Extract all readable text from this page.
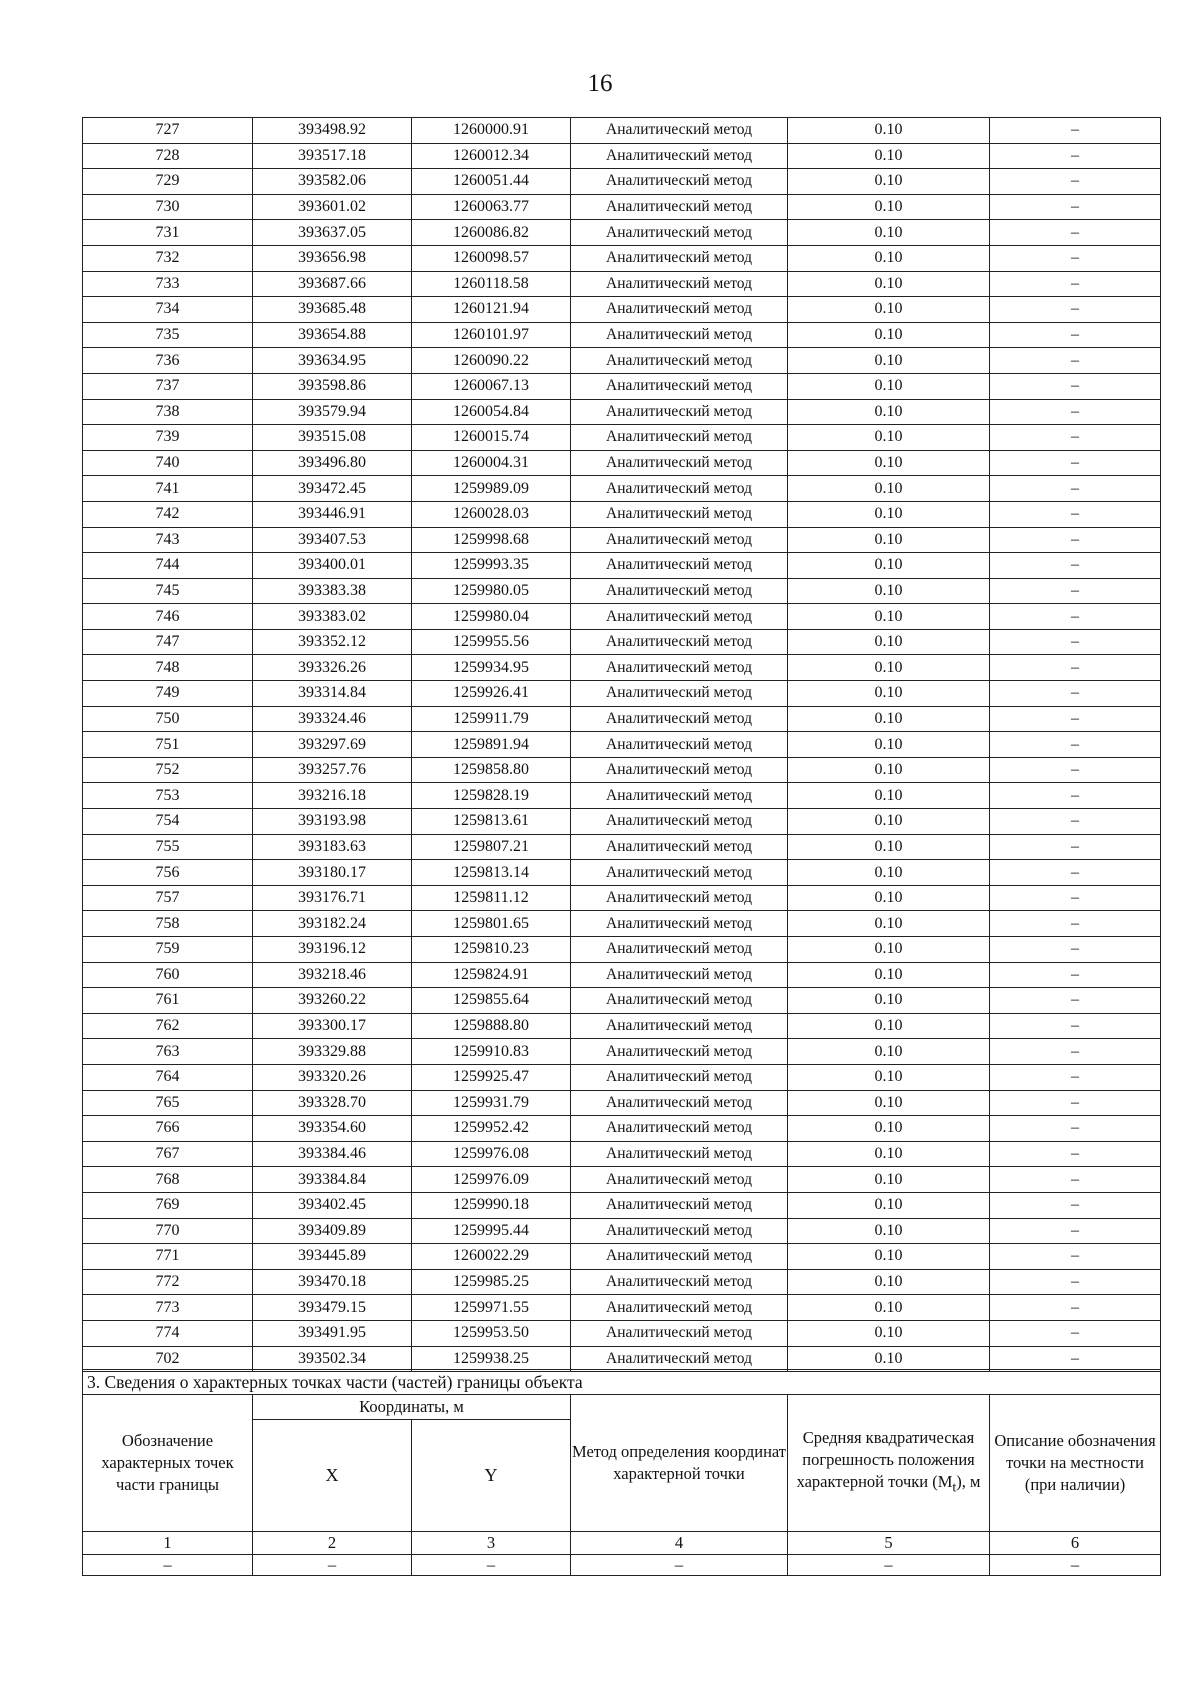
16
727	393498.92	1260000.91	Аналитический метод	0.10	–
728	393517.18	1260012.34	Аналитический метод	0.10	–
729	393582.06	1260051.44	Аналитический метод	0.10	–
730	393601.02	1260063.77	Аналитический метод	0.10	–
731	393637.05	1260086.82	Аналитический метод	0.10	–
732	393656.98	1260098.57	Аналитический метод	0.10	–
733	393687.66	1260118.58	Аналитический метод	0.10	–
734	393685.48	1260121.94	Аналитический метод	0.10	–
735	393654.88	1260101.97	Аналитический метод	0.10	–
736	393634.95	1260090.22	Аналитический метод	0.10	–
737	393598.86	1260067.13	Аналитический метод	0.10	–
738	393579.94	1260054.84	Аналитический метод	0.10	–
739	393515.08	1260015.74	Аналитический метод	0.10	–
740	393496.80	1260004.31	Аналитический метод	0.10	–
741	393472.45	1259989.09	Аналитический метод	0.10	–
742	393446.91	1260028.03	Аналитический метод	0.10	–
743	393407.53	1259998.68	Аналитический метод	0.10	–
744	393400.01	1259993.35	Аналитический метод	0.10	–
745	393383.38	1259980.05	Аналитический метод	0.10	–
746	393383.02	1259980.04	Аналитический метод	0.10	–
747	393352.12	1259955.56	Аналитический метод	0.10	–
748	393326.26	1259934.95	Аналитический метод	0.10	–
749	393314.84	1259926.41	Аналитический метод	0.10	–
750	393324.46	1259911.79	Аналитический метод	0.10	–
751	393297.69	1259891.94	Аналитический метод	0.10	–
752	393257.76	1259858.80	Аналитический метод	0.10	–
753	393216.18	1259828.19	Аналитический метод	0.10	–
754	393193.98	1259813.61	Аналитический метод	0.10	–
755	393183.63	1259807.21	Аналитический метод	0.10	–
756	393180.17	1259813.14	Аналитический метод	0.10	–
757	393176.71	1259811.12	Аналитический метод	0.10	–
758	393182.24	1259801.65	Аналитический метод	0.10	–
759	393196.12	1259810.23	Аналитический метод	0.10	–
760	393218.46	1259824.91	Аналитический метод	0.10	–
761	393260.22	1259855.64	Аналитический метод	0.10	–
762	393300.17	1259888.80	Аналитический метод	0.10	–
763	393329.88	1259910.83	Аналитический метод	0.10	–
764	393320.26	1259925.47	Аналитический метод	0.10	–
765	393328.70	1259931.79	Аналитический метод	0.10	–
766	393354.60	1259952.42	Аналитический метод	0.10	–
767	393384.46	1259976.08	Аналитический метод	0.10	–
768	393384.84	1259976.09	Аналитический метод	0.10	–
769	393402.45	1259990.18	Аналитический метод	0.10	–
770	393409.89	1259995.44	Аналитический метод	0.10	–
771	393445.89	1260022.29	Аналитический метод	0.10	–
772	393470.18	1259985.25	Аналитический метод	0.10	–
773	393479.15	1259971.55	Аналитический метод	0.10	–
774	393491.95	1259953.50	Аналитический метод	0.10	–
702	393502.34	1259938.25	Аналитический метод	0.10	–
3. Сведения о характерных точках части (частей) границы объекта					
Обозначение характерных точек части границы	Координаты, м		Метод определения координат характерной точки	Средняя квадратическая погрешность положения характерной точки $(M_t)$, м	Описание обозначения точки на местности (при наличии)
	X	Y			
1	2	3	4	5	6
–	–	–	–	–	–
